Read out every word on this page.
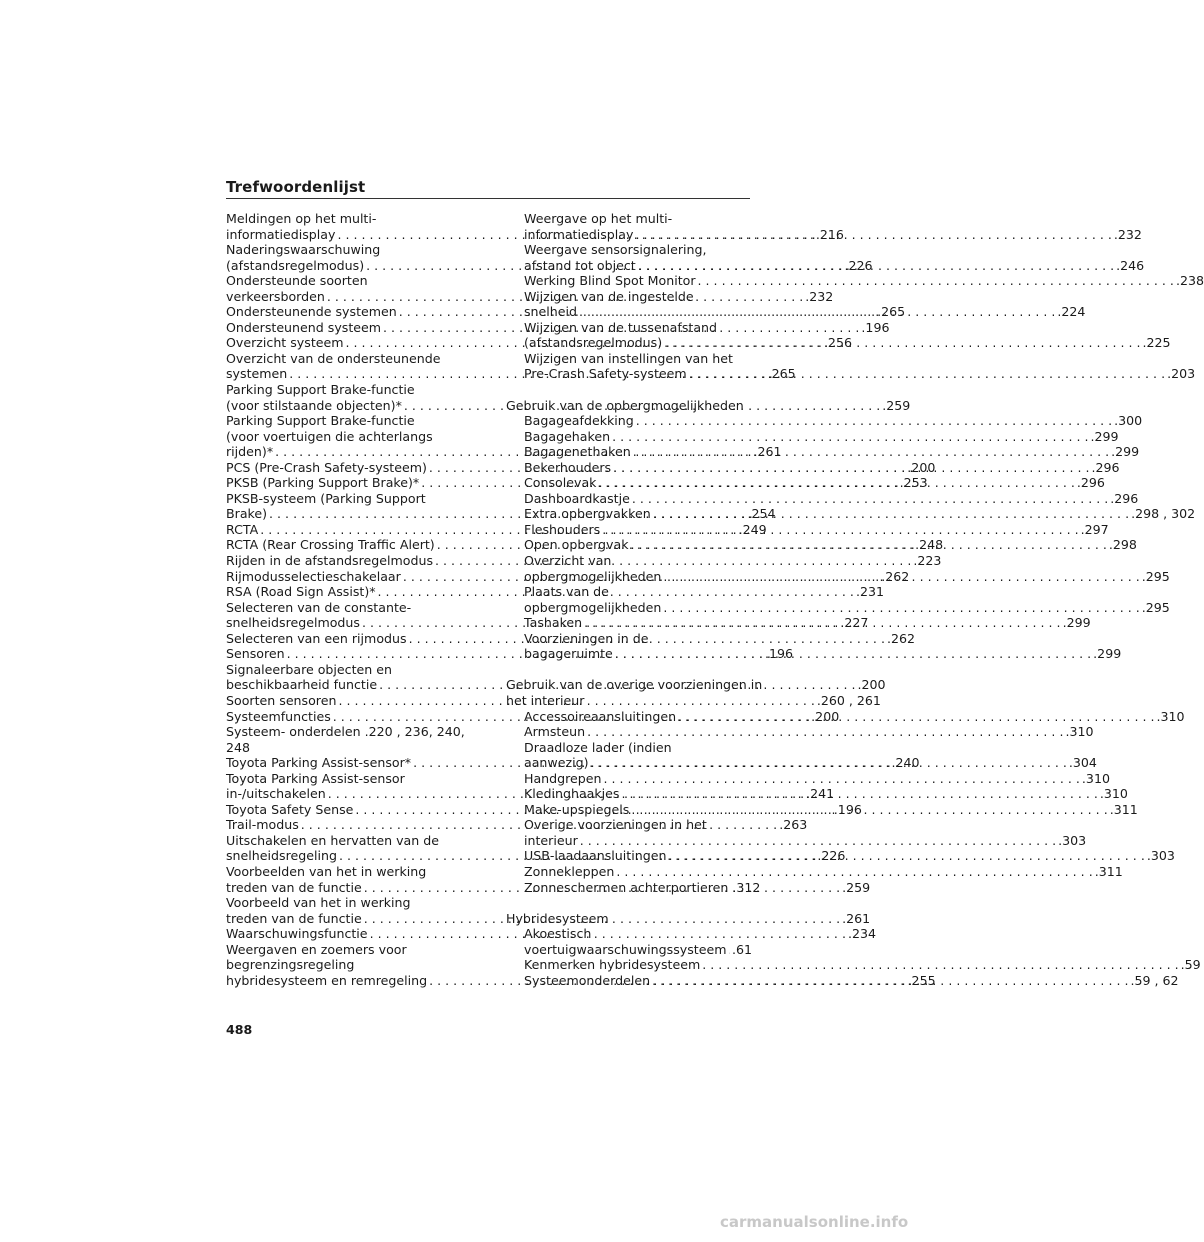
Trefwoordenlijst
Meldingen op het multi-
informatiedisplay . . .	.216
Naderingswaarschuwing
(afstandsregelmodus) . . .	.226
Ondersteunde soorten
verkeersborden . . .	.232
Ondersteunende systemen . . .	.265
Ondersteunend systeem . . .	.196
Overzicht systeem . . .	.256
Overzicht van de ondersteunende
systemen . . .	.265
Parking Support Brake-functie
(voor stilstaande objecten)* . . .	.259
Parking Support Brake-functie
(voor voertuigen die achterlangs
rijden)* . . .	.261
PCS (Pre-Crash Safety-systeem) . . .	.200
PKSB (Parking Support Brake)* . . .	.253
PKSB-systeem (Parking Support
Brake) . . .	.254
RCTA . . .	.249
RCTA (Rear Crossing Traffic Alert) . . .	.248
Rijden in de afstandsregelmodus . . .	.223
Rijmodusselectieschakelaar . . .	.262
RSA (Road Sign Assist)* . . .	.231
Selecteren van de constante-
snelheidsregelmodus . . .	.227
Selecteren van een rijmodus . . .	.262
Sensoren . . .	.196
Signaleerbare objecten en
beschikbaarheid functie . . .	.200
Soorten sensoren . . .	.260 , 261
Systeemfuncties . . .	.200
Systeem- onderdelen .220 , 236, 240,
248
Toyota Parking Assist-sensor* . . .	.240
Toyota Parking Assist-sensor
in-/uitschakelen . . .	.241
Toyota Safety Sense . . .	.196
Trail-modus . . .	.263
Uitschakelen en hervatten van de
snelheidsregeling . . .	.226
Voorbeelden van het in werking
treden van de functie . . .	.259
Voorbeeld van het in werking
treden van de functie . . .	.261
Waarschuwingsfunctie . . .	.234
Weergaven en zoemers voor
begrenzingsregeling
hybridesysteem en remregeling . . .	.255
Weergave op het multi-
informatiedisplay . . .	.232
Weergave sensorsignalering,
afstand tot object . . .	.246
Werking Blind Spot Monitor . . .	.238
Wijzigen van de ingestelde
snelheid . . .	.224
Wijzigen van de tussenafstand
(afstandsregelmodus) . . .	.225
Wijzigen van instellingen van het
Pre-Crash Safety-systeem . . .	.203
Gebruik van de opbergmogelijkheden
Bagageafdekking . . .	.300
Bagagehaken . . .	.299
Bagagenethaken . . .	.299
Bekerhouders . . .	.296
Consolevak . . .	.296
Dashboardkastje . . .	.296
Extra opbergvakken . . .	.298 , 302
Fleshouders . . .	.297
Open opbergvak . . .	.298
Overzicht van
opbergmogelijkheden . . .	.295
Plaats van de
opbergmogelijkheden . . .	.295
Tashaken . . .	.299
Voorzieningen in de
bagageruimte . . .	.299
Gebruik van de overige voorzieningen in
het interieur
Accessoireaansluitingen . . .	.310
Armsteun . . .	.310
Draadloze lader (indien
aanwezig) . . .	.304
Handgrepen . . .	.310
Kledinghaakjes . . .	.310
Make-upspiegels . . .	.311
Overige voorzieningen in het
interieur . . .	.303
USB-laadaansluitingen . . .	.303
Zonnekleppen . . .	.311
Zonneschermen achterportieren .312
Hybridesysteem
Akoestisch
voertuigwaarschuwingssysteem . . . .61
Kenmerken hybridesysteem . . .	.59
Systeemonderdelen . . .	.59 , 62
488
carmanualsonline.info
